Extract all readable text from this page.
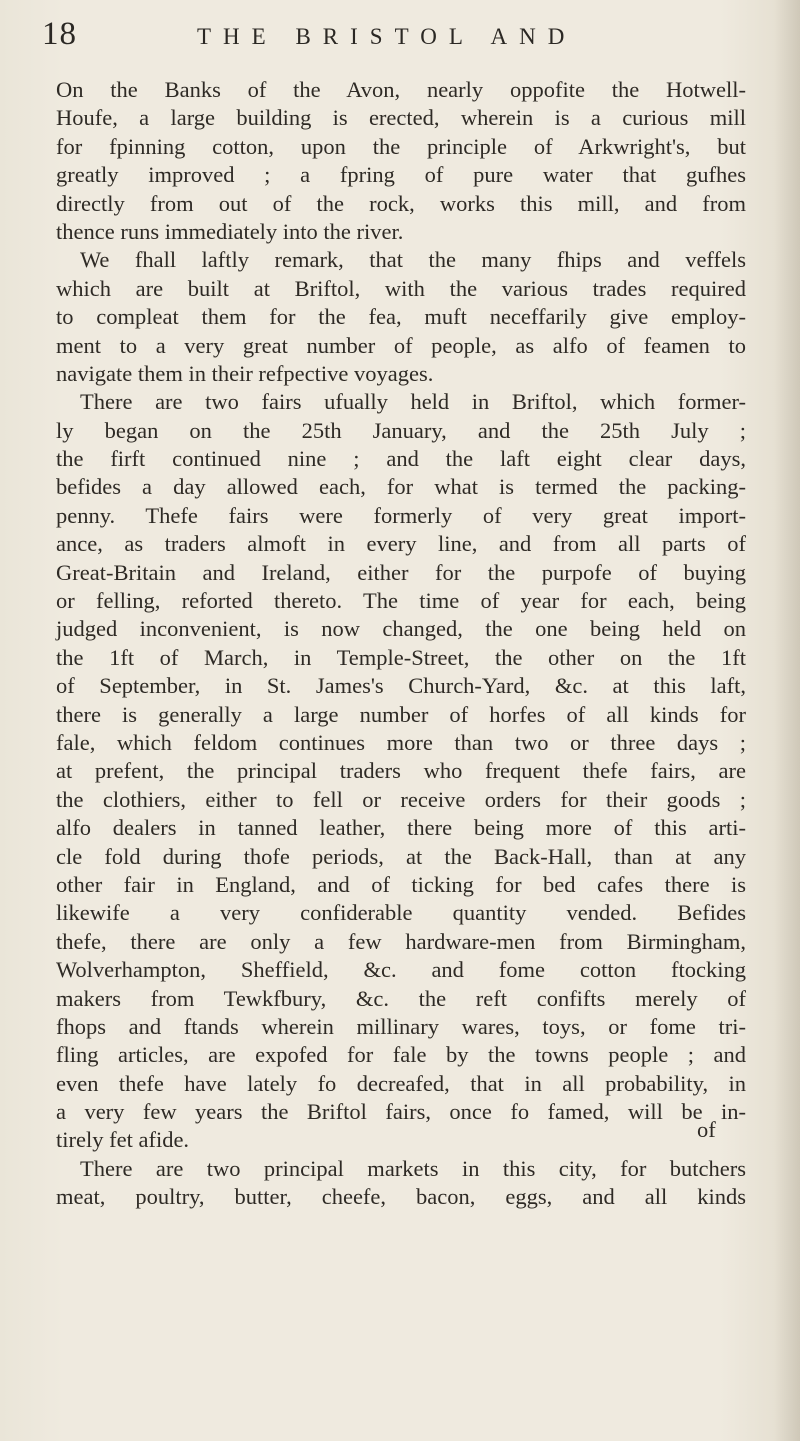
18	THE BRISTOL AND
On the Banks of the Avon, nearly oppofite the Hotwell-
Houfe, a large building is erected, wherein is a curious mill
for fpinning cotton, upon the principle of Arkwright's, but
greatly improved ; a fpring of pure water that gufhes
directly from out of the rock, works this mill, and from
thence runs immediately into the river.
We fhall laftly remark, that the many fhips and veffels
which are built at Briftol, with the various trades required
to compleat them for the fea, muft neceffarily give employ-
ment to a very great number of people, as alfo of feamen to
navigate them in their refpective voyages.
There are two fairs ufually held in Briftol, which former-
ly began on the 25th January, and the 25th July ;
the firft continued nine ; and the laft eight clear days,
befides a day allowed each, for what is termed the packing-
penny. Thefe fairs were formerly of very great import-
ance, as traders almoft in every line, and from all parts of
Great-Britain and Ireland, either for the purpofe of buying
or felling, reforted thereto. The time of year for each, being
judged inconvenient, is now changed, the one being held on
the 1ft of March, in Temple-Street, the other on the 1ft
of September, in St. James's Church-Yard, &c. at this laft,
there is generally a large number of horfes of all kinds for
fale, which feldom continues more than two or three days ;
at prefent, the principal traders who frequent thefe fairs, are
the clothiers, either to fell or receive orders for their goods ;
alfo dealers in tanned leather, there being more of this arti-
cle fold during thofe periods, at the Back-Hall, than at any
other fair in England, and of ticking for bed cafes there is
likewife a very confiderable quantity vended. Befides
thefe, there are only a few hardware-men from Birmingham,
Wolverhampton, Sheffield, &c. and fome cotton ftocking
makers from Tewkfbury, &c. the reft confifts merely of
fhops and ftands wherein millinary wares, toys, or fome tri-
fling articles, are expofed for fale by the towns people ; and
even thefe have lately fo decreafed, that in all probability, in
a very few years the Briftol fairs, once fo famed, will be in-
tirely fet afide.
There are two principal markets in this city, for butchers
meat, poultry, butter, cheefe, bacon, eggs, and all kinds
of
